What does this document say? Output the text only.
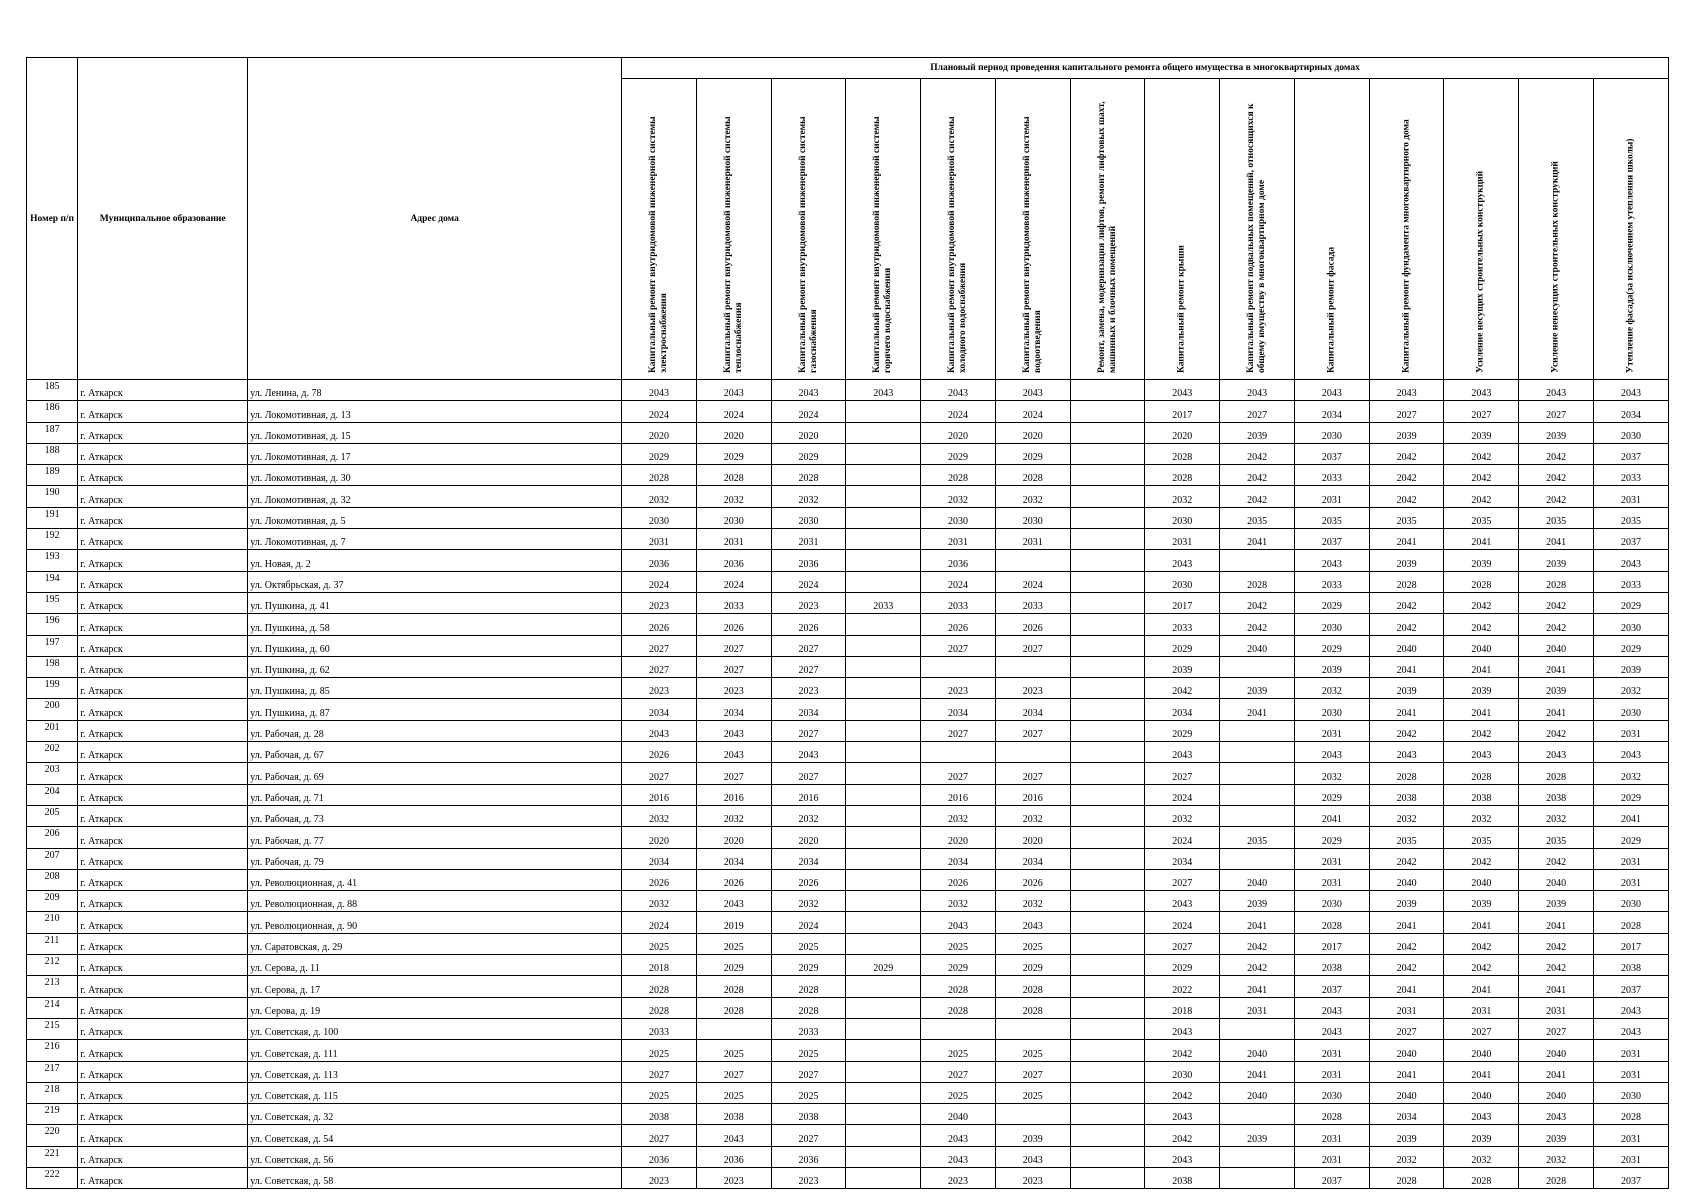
Номер п/п	Муниципальное образование	Адрес дома	Плановый период проведения капитального ремонта общего имущества в многоквартирных домах													

			Капитальный ремонт внутридомовой инженерной системы электроснабжения	Капитальный ремонт внутридомовой инженерной системы теплоснабжения	Капитальный ремонт внутридомовой инженерной системы газоснабжения	Капитальный ремонт внутридомовой инженерной системы горячего водоснабжения	Капитальный ремонт внутридомовой инженерной системы холодного водоснабжения	Капитальный ремонт внутридомовой инженерной системы водоотведения	Ремонт, замена, модернизация лифтов, ремонт лифтовых шахт, машинных и блочных помещений	Капитальный ремонт крыши	Капитальный ремонт подвальных помещений, относящихся к общему имуществу в многоквартирном доме	Капитальный ремонт фасада	Капитальный ремонт фундамента многоквартирного дома	Усиление несущих строительных конструкций	Усиление ненесущих строительных конструкций	Утепление фасада(за исключением утепления школы)

185	г. Аткарск	ул. Ленина, д. 78	2043	2043	2043	2043	2043	2043		2043	2043	2043	2043	2043	2043	2043
186	г. Аткарск	ул. Локомотивная, д. 13	2024	2024	2024		2024	2024		2017	2027	2034	2027	2027	2027	2034
187	г. Аткарск	ул. Локомотивная, д. 15	2020	2020	2020		2020	2020		2020	2039	2030	2039	2039	2039	2030
188	г. Аткарск	ул. Локомотивная, д. 17	2029	2029	2029		2029	2029		2028	2042	2037	2042	2042	2042	2037
189	г. Аткарск	ул. Локомотивная, д. 30	2028	2028	2028		2028	2028		2028	2042	2033	2042	2042	2042	2033
190	г. Аткарск	ул. Локомотивная, д. 32	2032	2032	2032		2032	2032		2032	2042	2031	2042	2042	2042	2031
191	г. Аткарск	ул. Локомотивная, д. 5	2030	2030	2030		2030	2030		2030	2035	2035	2035	2035	2035	2035
192	г. Аткарск	ул. Локомотивная, д. 7	2031	2031	2031		2031	2031		2031	2041	2037	2041	2041	2041	2037
193	г. Аткарск	ул. Новая, д. 2	2036	2036	2036		2036			2043		2043	2039	2039	2039	2043
194	г. Аткарск	ул. Октябрьская, д. 37	2024	2024	2024		2024	2024		2030	2028	2033	2028	2028	2028	2033
195	г. Аткарск	ул. Пушкина, д. 41	2023	2033	2023	2033	2033	2033		2017	2042	2029	2042	2042	2042	2029
196	г. Аткарск	ул. Пушкина, д. 58	2026	2026	2026		2026	2026		2033	2042	2030	2042	2042	2042	2030
197	г. Аткарск	ул. Пушкина, д. 60	2027	2027	2027		2027	2027		2029	2040	2029	2040	2040	2040	2029
198	г. Аткарск	ул. Пушкина, д. 62	2027	2027	2027					2039		2039	2041	2041	2041	2039
199	г. Аткарск	ул. Пушкина, д. 85	2023	2023	2023		2023	2023		2042	2039	2032	2039	2039	2039	2032
200	г. Аткарск	ул. Пушкина, д. 87	2034	2034	2034		2034	2034		2034	2041	2030	2041	2041	2041	2030
201	г. Аткарск	ул. Рабочая, д. 28	2043	2043	2027		2027	2027		2029		2031	2042	2042	2042	2031
202	г. Аткарск	ул. Рабочая, д. 67	2026	2043	2043					2043		2043	2043	2043	2043	2043
203	г. Аткарск	ул. Рабочая, д. 69	2027	2027	2027		2027	2027		2027		2032	2028	2028	2028	2032
204	г. Аткарск	ул. Рабочая, д. 71	2016	2016	2016		2016	2016		2024		2029	2038	2038	2038	2029
205	г. Аткарск	ул. Рабочая, д. 73	2032	2032	2032		2032	2032		2032		2041	2032	2032	2032	2041
206	г. Аткарск	ул. Рабочая, д. 77	2020	2020	2020		2020	2020		2024	2035	2029	2035	2035	2035	2029
207	г. Аткарск	ул. Рабочая, д. 79	2034	2034	2034		2034	2034		2034		2031	2042	2042	2042	2031
208	г. Аткарск	ул. Революционная, д. 41	2026	2026	2026		2026	2026		2027	2040	2031	2040	2040	2040	2031
209	г. Аткарск	ул. Революционная, д. 88	2032	2043	2032		2032	2032		2043	2039	2030	2039	2039	2039	2030
210	г. Аткарск	ул. Революционная, д. 90	2024	2019	2024		2043	2043		2024	2041	2028	2041	2041	2041	2028
211	г. Аткарск	ул. Саратовская, д. 29	2025	2025	2025		2025	2025		2027	2042	2017	2042	2042	2042	2017
212	г. Аткарск	ул. Серова, д. 11	2018	2029	2029	2029	2029	2029		2029	2042	2038	2042	2042	2042	2038
213	г. Аткарск	ул. Серова, д. 17	2028	2028	2028		2028	2028		2022	2041	2037	2041	2041	2041	2037
214	г. Аткарск	ул. Серова, д. 19	2028	2028	2028		2028	2028		2018	2031	2043	2031	2031	2031	2043
215	г. Аткарск	ул. Советская, д. 100	2033		2033					2043		2043	2027	2027	2027	2043
216	г. Аткарск	ул. Советская, д. 111	2025	2025	2025		2025	2025		2042	2040	2031	2040	2040	2040	2031
217	г. Аткарск	ул. Советская, д. 113	2027	2027	2027		2027	2027		2030	2041	2031	2041	2041	2041	2031
218	г. Аткарск	ул. Советская, д. 115	2025	2025	2025		2025	2025		2042	2040	2030	2040	2040	2040	2030
219	г. Аткарск	ул. Советская, д. 32	2038	2038	2038		2040			2043		2028	2034	2043	2043	2028
220	г. Аткарск	ул. Советская, д. 54	2027	2043	2027		2043	2039		2042	2039	2031	2039	2039	2039	2031
221	г. Аткарск	ул. Советская, д. 56	2036	2036	2036		2043	2043		2043		2031	2032	2032	2032	2031
222	г. Аткарск	ул. Советская, д. 58	2023	2023	2023		2023	2023		2038		2037	2028	2028	2028	2037
